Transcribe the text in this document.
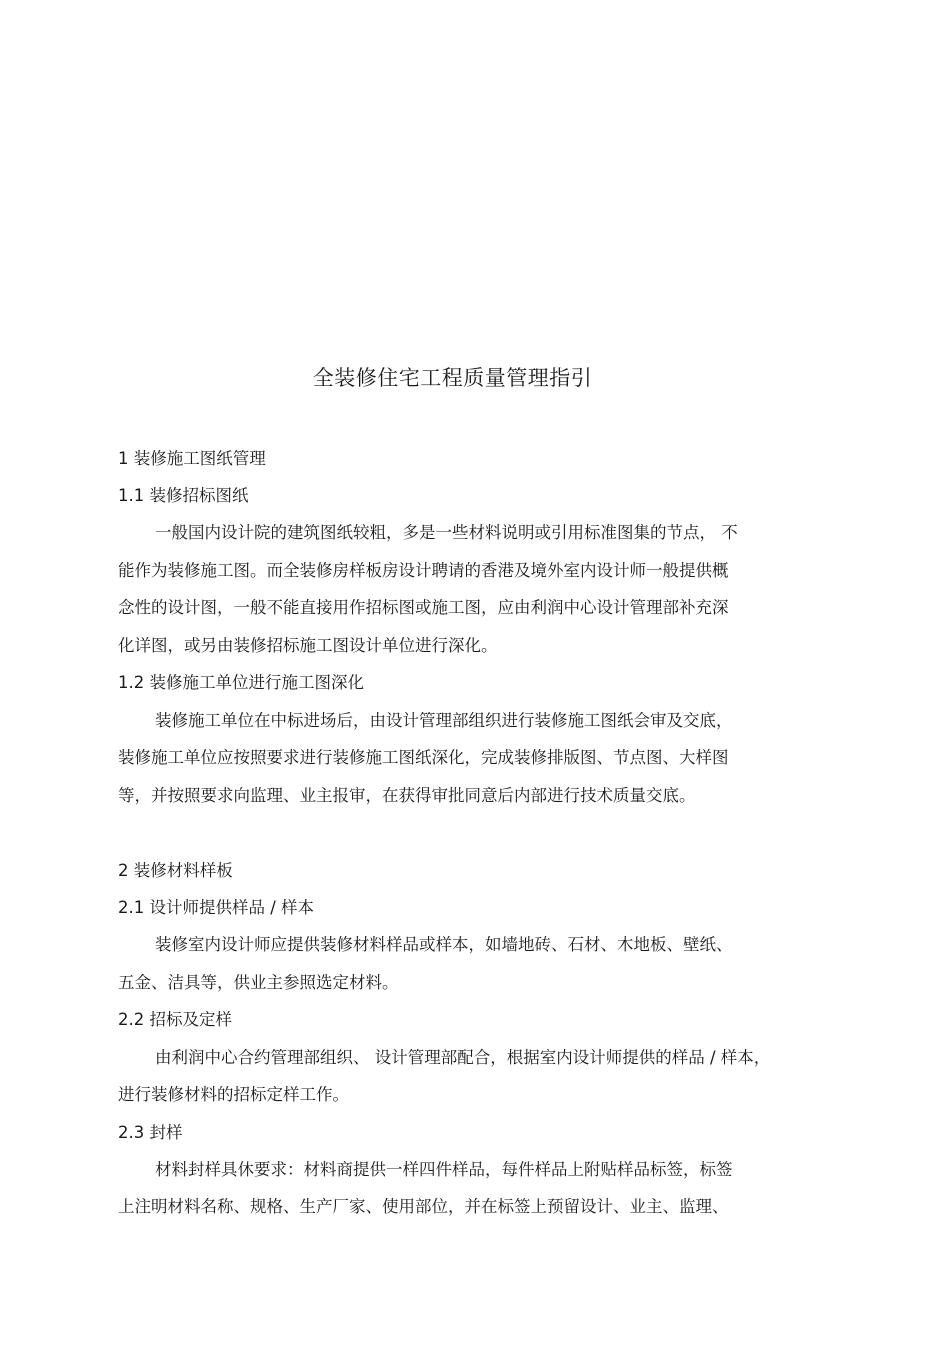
全装修住宅工程质量管理指引
1 装修施工图纸管理
1.1 装修招标图纸
一般国内设计院的建筑图纸较粗，多是一些材料说明或引用标准图集的节点， 不
能作为装修施工图。而全装修房样板房设计聘请的香港及境外室内设计师一般提供概
念性的设计图，一般不能直接用作招标图或施工图，应由利润中心设计管理部补充深
化详图，或另由装修招标施工图设计单位进行深化。
1.2 装修施工单位进行施工图深化
装修施工单位在中标进场后，由设计管理部组织进行装修施工图纸会审及交底，
装修施工单位应按照要求进行装修施工图纸深化，完成装修排版图、节点图、大样图
等，并按照要求向监理、业主报审，在获得审批同意后内部进行技术质量交底。
2 装修材料样板
2.1 设计师提供样品 / 样本
装修室内设计师应提供装修材料样品或样本，如墙地砖、石材、木地板、壁纸、
五金、洁具等，供业主参照选定材料。
2.2 招标及定样
由利润中心合约管理部组织、 设计管理部配合，根据室内设计师提供的样品 / 样本，
进行装修材料的招标定样工作。
2.3 封样
材料封样具休要求：材料商提供一样四件样品，每件样品上附贴样品标签，标签
上注明材料名称、规格、生产厂家、使用部位，并在标签上预留设计、业主、监理、
